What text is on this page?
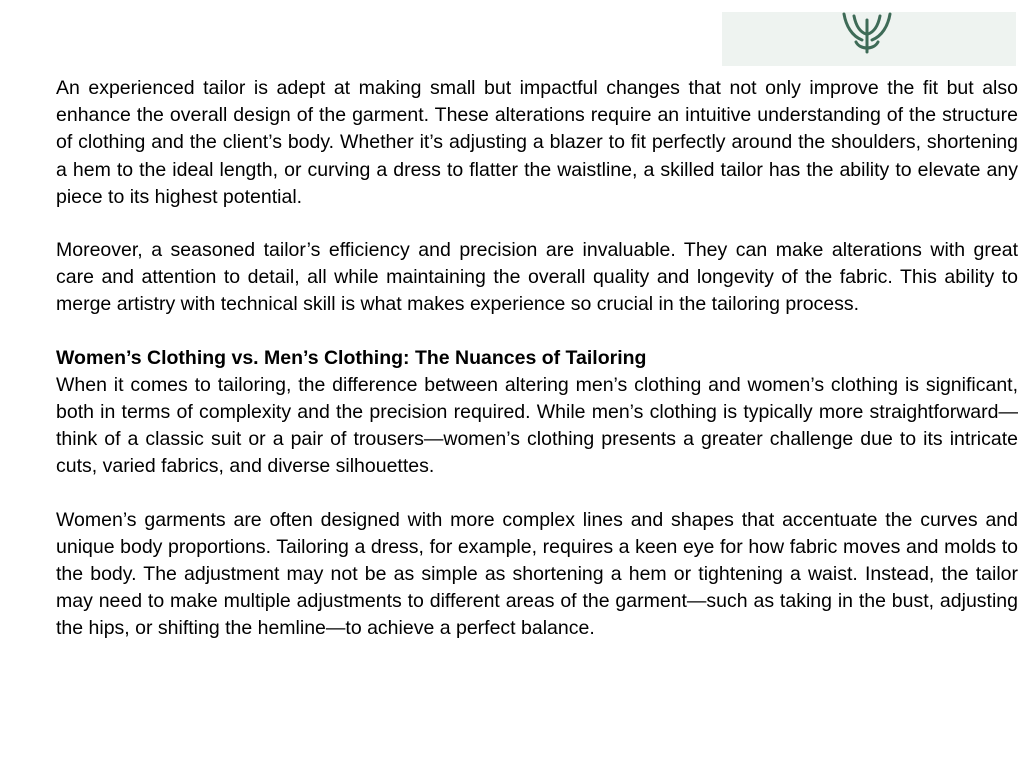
An experienced tailor is adept at making small but impactful changes that not only improve the fit but also enhance the overall design of the garment. These alterations require an intuitive understanding of the structure of clothing and the client’s body. Whether it’s adjusting a blazer to fit perfectly around the shoulders, shortening a hem to the ideal length, or curving a dress to flatter the waistline, a skilled tailor has the ability to elevate any piece to its highest potential.

Moreover, a seasoned tailor’s efficiency and precision are invaluable. They can make alterations with great care and attention to detail, all while maintaining the overall quality and longevity of the fabric. This ability to merge artistry with technical skill is what makes experience so crucial in the tailoring process.

Women’s Clothing vs. Men’s Clothing: The Nuances of Tailoring

When it comes to tailoring, the difference between altering men’s clothing and women’s clothing is significant, both in terms of complexity and the precision required. While men’s clothing is typically more straightforward—think of a classic suit or a pair of trousers—women’s clothing presents a greater challenge due to its intricate cuts, varied fabrics, and diverse silhouettes.

Women’s garments are often designed with more complex lines and shapes that accentuate the curves and unique body proportions. Tailoring a dress, for example, requires a keen eye for how fabric moves and molds to the body. The adjustment may not be as simple as shortening a hem or tightening a waist. Instead, the tailor may need to make multiple adjustments to different areas of the garment—such as taking in the bust, adjusting the hips, or shifting the hemline—to achieve a perfect balance.
